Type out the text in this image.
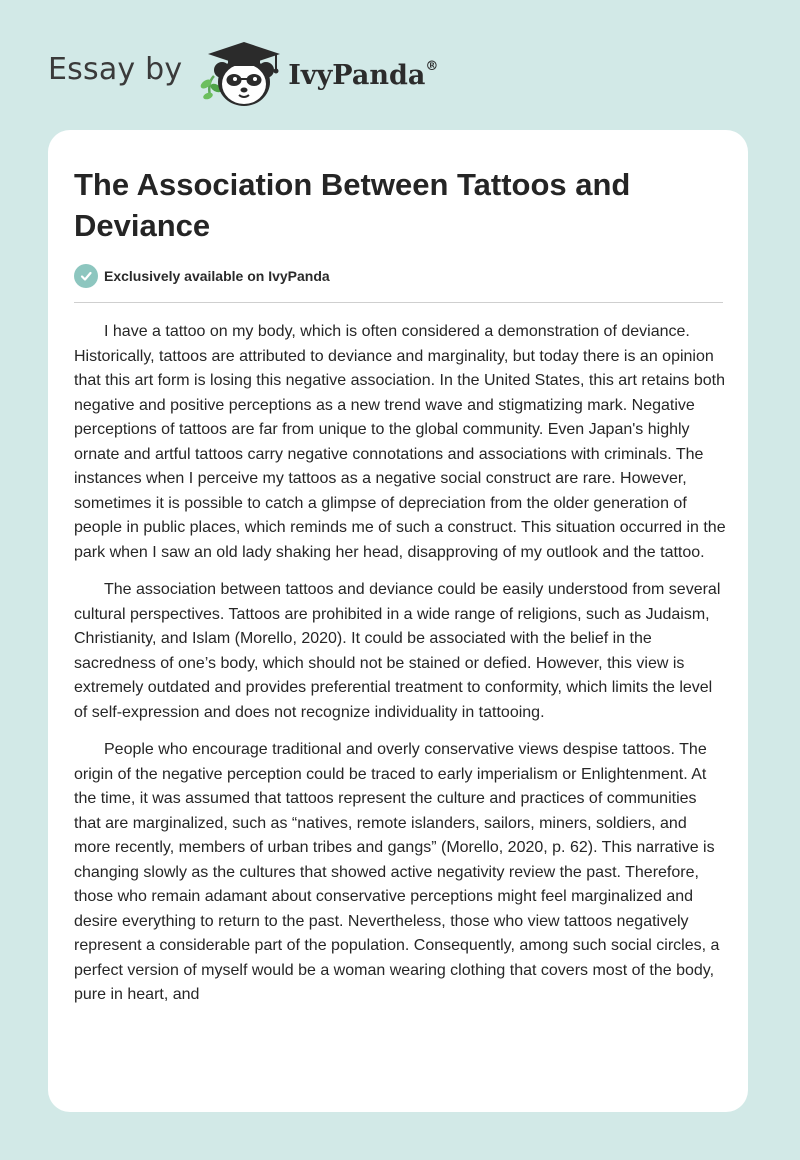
Essay by	IvyPanda®
The Association Between Tattoos and Deviance
Exclusively available on IvyPanda

I have a tattoo on my body, which is often considered a demonstration of deviance. Historically, tattoos are attributed to deviance and marginality, but today there is an opinion that this art form is losing this negative association. In the United States, this art retains both negative and positive perceptions as a new trend wave and stigmatizing mark. Negative perceptions of tattoos are far from unique to the global community. Even Japan's highly ornate and artful tattoos carry negative connotations and associations with criminals. The instances when I perceive my tattoos as a negative social construct are rare. However, sometimes it is possible to catch a glimpse of depreciation from the older generation of people in public places, which reminds me of such a construct. This situation occurred in the park when I saw an old lady shaking her head, disapproving of my outlook and the tattoo.

The association between tattoos and deviance could be easily understood from several cultural perspectives. Tattoos are prohibited in a wide range of religions, such as Judaism, Christianity, and Islam (Morello, 2020). It could be associated with the belief in the sacredness of one’s body, which should not be stained or defied. However, this view is extremely outdated and provides preferential treatment to conformity, which limits the level of self-expression and does not recognize individuality in tattooing.

People who encourage traditional and overly conservative views despise tattoos. The origin of the negative perception could be traced to early imperialism or Enlightenment. At the time, it was assumed that tattoos represent the culture and practices of communities that are marginalized, such as “natives, remote islanders, sailors, miners, soldiers, and more recently, members of urban tribes and gangs” (Morello, 2020, p. 62). This narrative is changing slowly as the cultures that showed active negativity review the past. Therefore, those who remain adamant about conservative perceptions might feel marginalized and desire everything to return to the past. Nevertheless, those who view tattoos negatively represent a considerable part of the population. Consequently, among such social circles, a perfect version of myself would be a woman wearing clothing that covers most of the body, pure in heart, and
